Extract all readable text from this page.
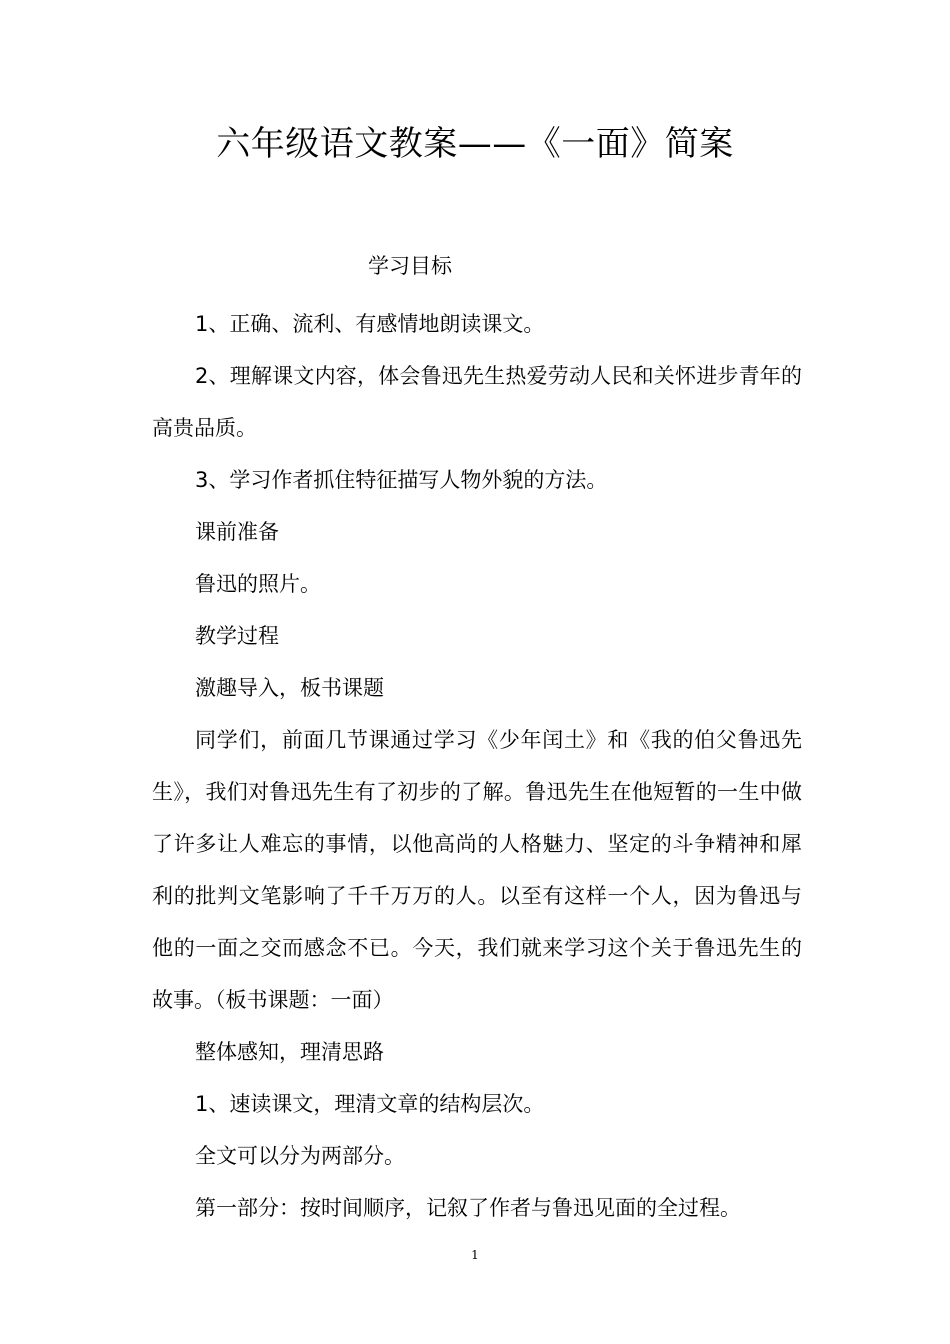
六年级语文教案——《一面》简案
学习目标

1、正确、流利、有感情地朗读课文。

2、理解课文内容，体会鲁迅先生热爱劳动人民和关怀进步青年的高贵品质。

3、学习作者抓住特征描写人物外貌的方法。

课前准备

鲁迅的照片。

教学过程

激趣导入，板书课题

同学们，前面几节课通过学习《少年闰土》和《我的伯父鲁迅先生》，我们对鲁迅先生有了初步的了解。鲁迅先生在他短暂的一生中做了许多让人难忘的事情，以他高尚的人格魅力、坚定的斗争精神和犀利的批判文笔影响了千千万万的人。以至有这样一个人，因为鲁迅与他的一面之交而感念不已。今天，我们就来学习这个关于鲁迅先生的故事。（板书课题：一面）

整体感知，理清思路

1、速读课文，理清文章的结构层次。

全文可以分为两部分。

第一部分：按时间顺序，记叙了作者与鲁迅见面的全过程。

1
